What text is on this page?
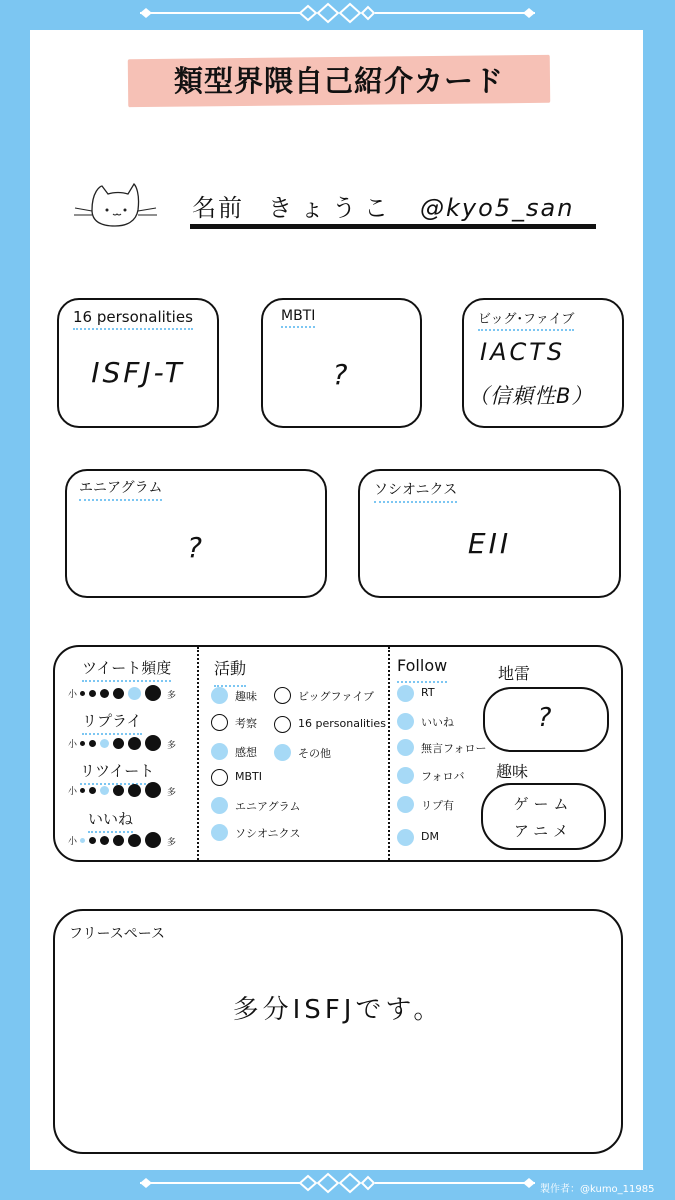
類型界隈自己紹介カード
名前 きょうこ @kyo5_san
16 personalities
ISFJ-T
MBTI
?
ビッグ･ファイブ
IACTS
（信頼性B）
エニアグラム
?
ソシオニクス
EII
ツイート頻度
リプライ
リツイート
いいね
活動	Follow	地雷
?
趣味
ゲーム
アニメ
フリースペース
多分ISFJです。
製作者：@kumo_11985
小	多
小	多
小	多
小	多
趣味	ビッグファイブ
考察	16 personalities
感想	その他
MBTI
エニアグラム
ソシオニクス
RT
いいね
無言フォロー
フォロバ
リプ有
DM
